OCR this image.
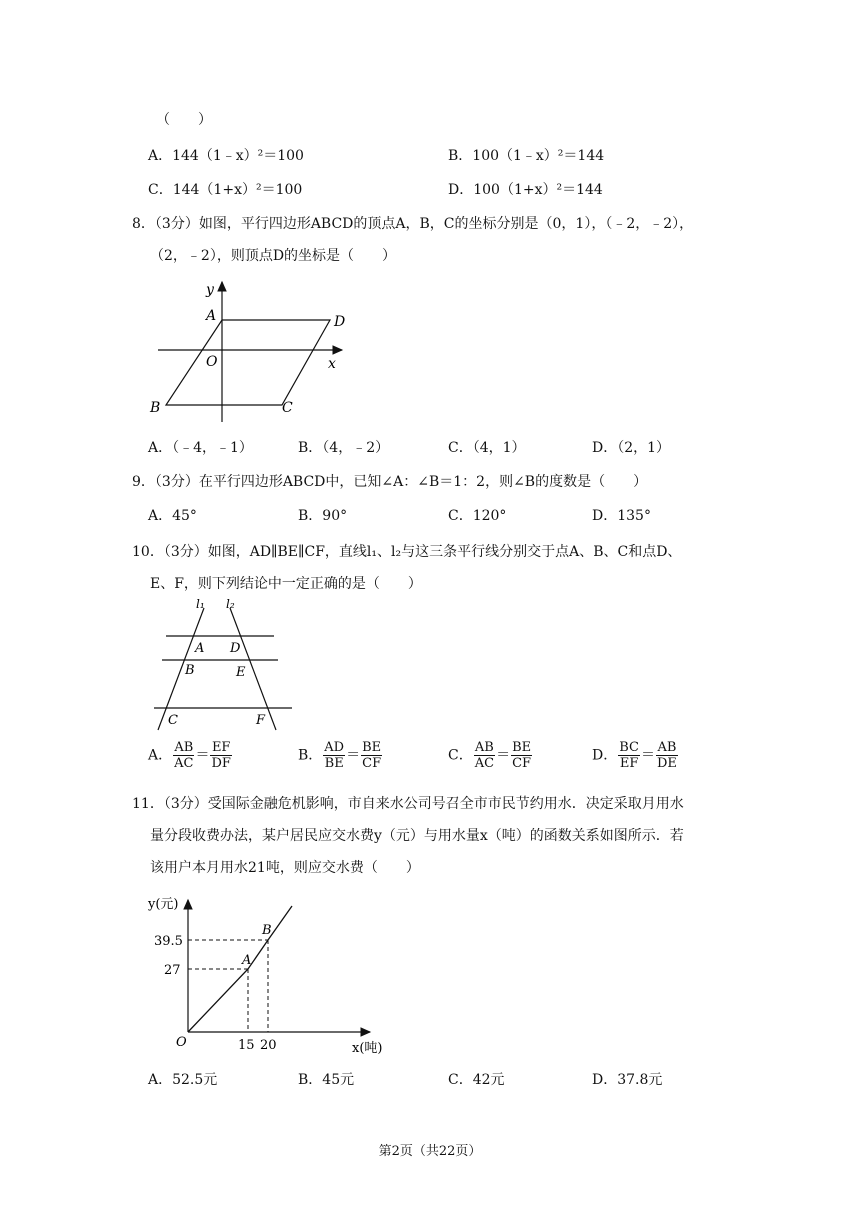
（　　）
A．144（1﹣x）²＝100	B．100（1﹣x）²＝144
C．144（1+x）²＝100	D．100（1+x）²＝144
8．（3分）如图，平行四边形ABCD的顶点A，B，C的坐标分别是（0，1），（﹣2，﹣2），
（2，﹣2），则顶点D的坐标是（　　）
y
A	D
O	x
B	C
A．（﹣4，﹣1）	B．（4，﹣2）	C．（4，1）	D．（2，1）
9．（3分）在平行四边形ABCD中，已知∠A：∠B＝1：2，则∠B的度数是（　　）
A．45°	B．90°	C．120°	D．135°
10．（3分）如图，AD∥BE∥CF，直线l₁、l₂与这三条平行线分别交于点A、B、C和点D、
E、F，则下列结论中一定正确的是（　　）
l₁ l₂
A D
B	E
C	F
A． $\frac{AB}{AC} = \frac{EF}{DF}$	B． $\frac{AD}{BE} = \frac{BE}{CF}$	C． $\frac{AB}{AC} = \frac{BE}{CF}$	D． $\frac{BC}{EF} = \frac{AB}{DE}$
11．（3分）受国际金融危机影响，市自来水公司号召全市市民节约用水．决定采取月用水
量分段收费办法，某户居民应交水费y（元）与用水量x（吨）的函数关系如图所示．若
该用户本月用水21吨，则应交水费（　　）
y(元)
39.5
27
B
A
O	15 20	x(吨)
A．52.5元	B．45元	C．42元	D．37.8元
第2页（共22页）
